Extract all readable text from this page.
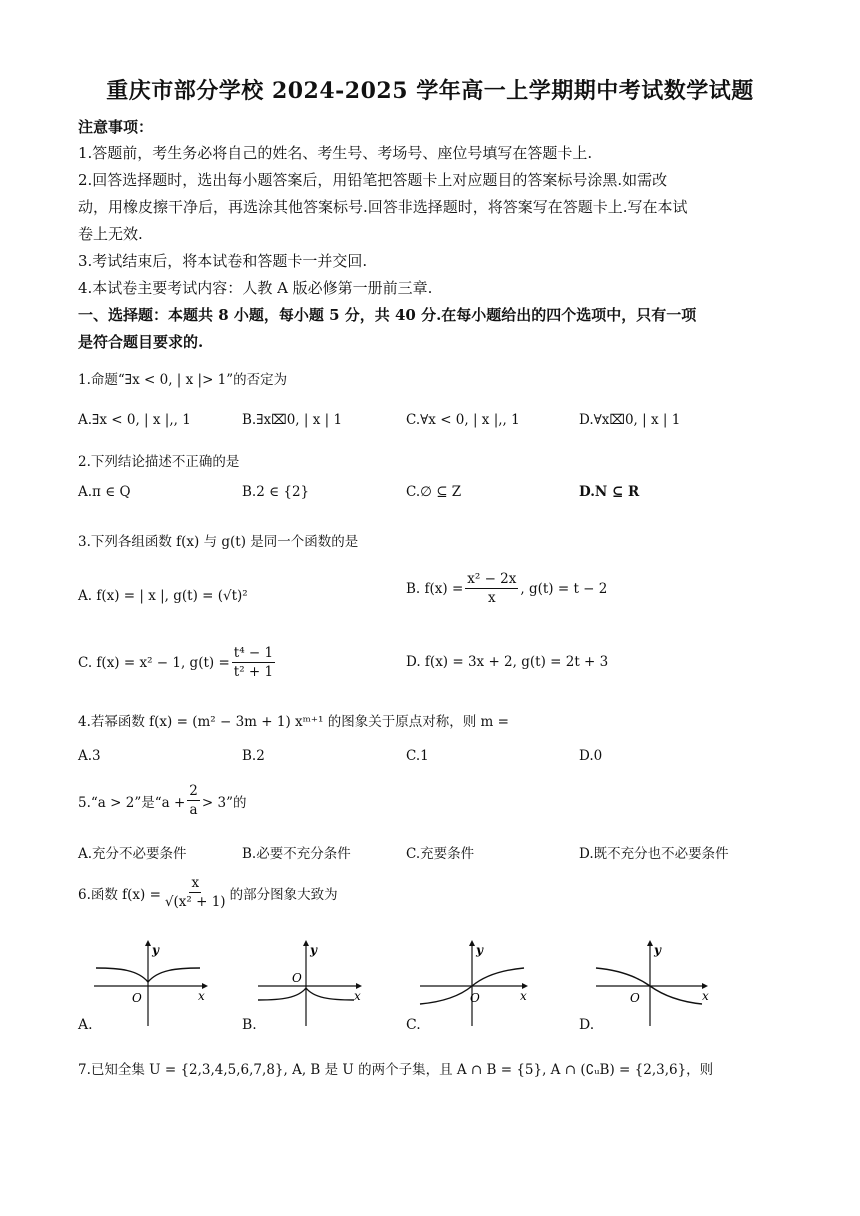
重庆市部分学校 2024-2025 学年高一上学期期中考试数学试题
注意事项：
1.答题前，考生务必将自己的姓名、考生号、考场号、座位号填写在答题卡上.
2.回答选择题时，选出每小题答案后，用铅笔把答题卡上对应题目的答案标号涂黑.如需改
动，用橡皮擦干净后，再选涂其他答案标号.回答非选择题时，将答案写在答题卡上.写在本试
卷上无效.
3.考试结束后，将本试卷和答题卡一并交回.
4.本试卷主要考试内容：人教 A 版必修第一册前三章.
一、选择题：本题共 8 小题，每小题 5 分，共 40 分.在每小题给出的四个选项中，只有一项
是符合题目要求的.
1.命题“∃x < 0, | x |> 1”的否定为
A.∃x < 0, | x |,, 1	B.∃x⌧0, | x | 1	C.∀x < 0, | x |,, 1	D.∀x⌧0, | x | 1
2.下列结论描述不正确的是
A.π ∈ Q	B.2 ∈ {2}	C.∅ ⊆ Z	D.N ⊆ R
3.下列各组函数 f(x) 与 g(t) 是同一个函数的是
A. f(x) = | x |, g(t) = (√t)²	B. $f(x) = \frac{\text{x² − 2x}}{x}$ , g(t) = t − 2
C. f(x) = x² − 1, $g(t) = \frac{\text{t⁴ − 1}}{\text{t² + 1}}$	D. f(x) = 3x + 2, g(t) = 2t + 3
4.若幂函数 f(x) = (m² − 3m + 1) xᵐ⁺¹ 的图象关于原点对称，则 m =
A.3	B.2	C.1	D.0
5.“a > 2”是“$a + \frac{2}{a} > 3$”的
A.充分不必要条件	B.必要不充分条件	C.充要条件	D.既不充分也不必要条件
6.函数 $f(x) = \frac{x}{\text{√(x² + 1)}}$ 的部分图象大致为
y
x
O
y
x
O
y
x
O
y
x
O
A.	B.	C.	D.
7.已知全集 U = {2,3,4,5,6,7,8}, A, B 是 U 的两个子集，且 A ∩ B = {5}, A ∩ (∁ᵤB) = {2,3,6}，则
